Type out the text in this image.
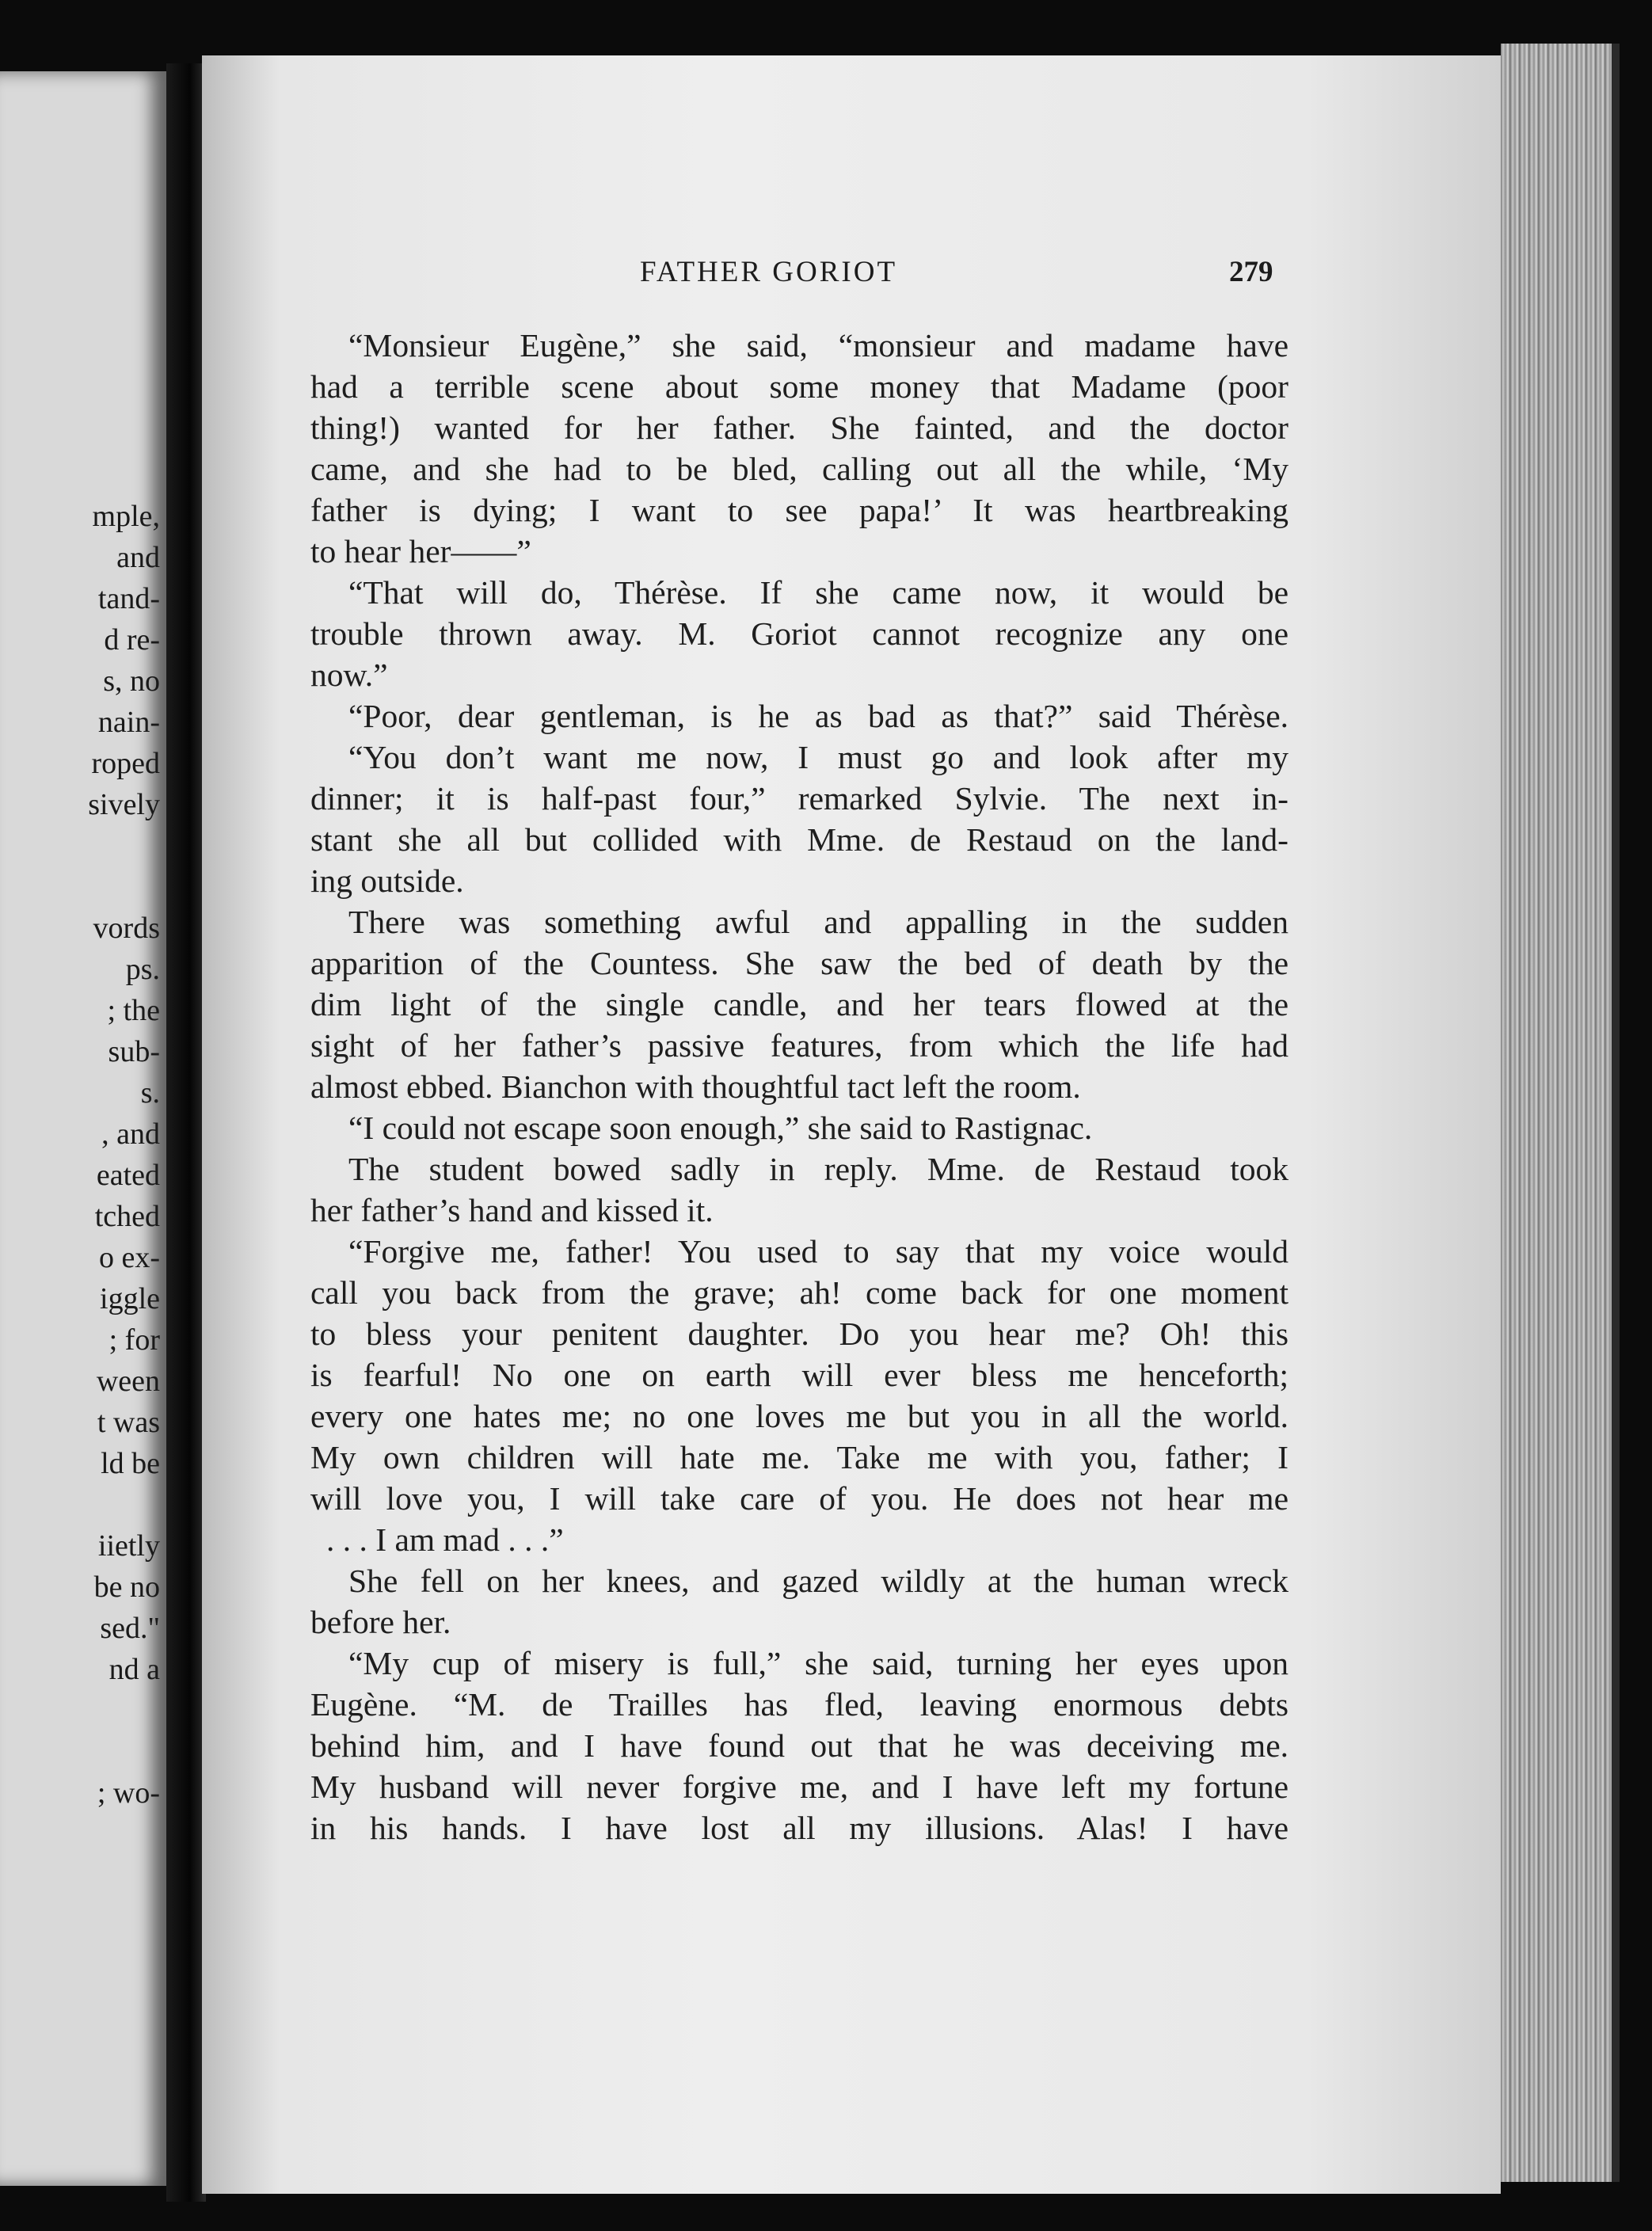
mple,
and
tand-
d re-
s, no
nain-
roped
sively
vords
ps.
; the
sub-
s.
, and
eated
tched
o ex-
iggle
; for
ween
t was
ld be
iietly
be no
sed."
nd a
; wo-
FATHER GORIOT	279
“Monsieur Eugène,” she said, “monsieur and madame have
had a terrible scene about some money that Madame (poor
thing!) wanted for her father. She fainted, and the doctor
came, and she had to be bled, calling out all the while, ‘My
father is dying; I want to see papa!’ It was heartbreaking
to hear her——”
“That will do, Thérèse. If she came now, it would be
trouble thrown away. M. Goriot cannot recognize any one
now.”
“Poor, dear gentleman, is he as bad as that?” said Thérèse.
“You don’t want me now, I must go and look after my
dinner; it is half-past four,” remarked Sylvie. The next in-
stant she all but collided with Mme. de Restaud on the land-
ing outside.
There was something awful and appalling in the sudden
apparition of the Countess. She saw the bed of death by the
dim light of the single candle, and her tears flowed at the
sight of her father’s passive features, from which the life had
almost ebbed. Bianchon with thoughtful tact left the room.
“I could not escape soon enough,” she said to Rastignac.
The student bowed sadly in reply. Mme. de Restaud took
her father’s hand and kissed it.
“Forgive me, father! You used to say that my voice would
call you back from the grave; ah! come back for one moment
to bless your penitent daughter. Do you hear me? Oh! this
is fearful! No one on earth will ever bless me henceforth;
every one hates me; no one loves me but you in all the world.
My own children will hate me. Take me with you, father; I
will love you, I will take care of you. He does not hear me
. . . I am mad . . .”
She fell on her knees, and gazed wildly at the human wreck
before her.
“My cup of misery is full,” she said, turning her eyes upon
Eugène. “M. de Trailles has fled, leaving enormous debts
behind him, and I have found out that he was deceiving me.
My husband will never forgive me, and I have left my fortune
in his hands. I have lost all my illusions. Alas! I have
